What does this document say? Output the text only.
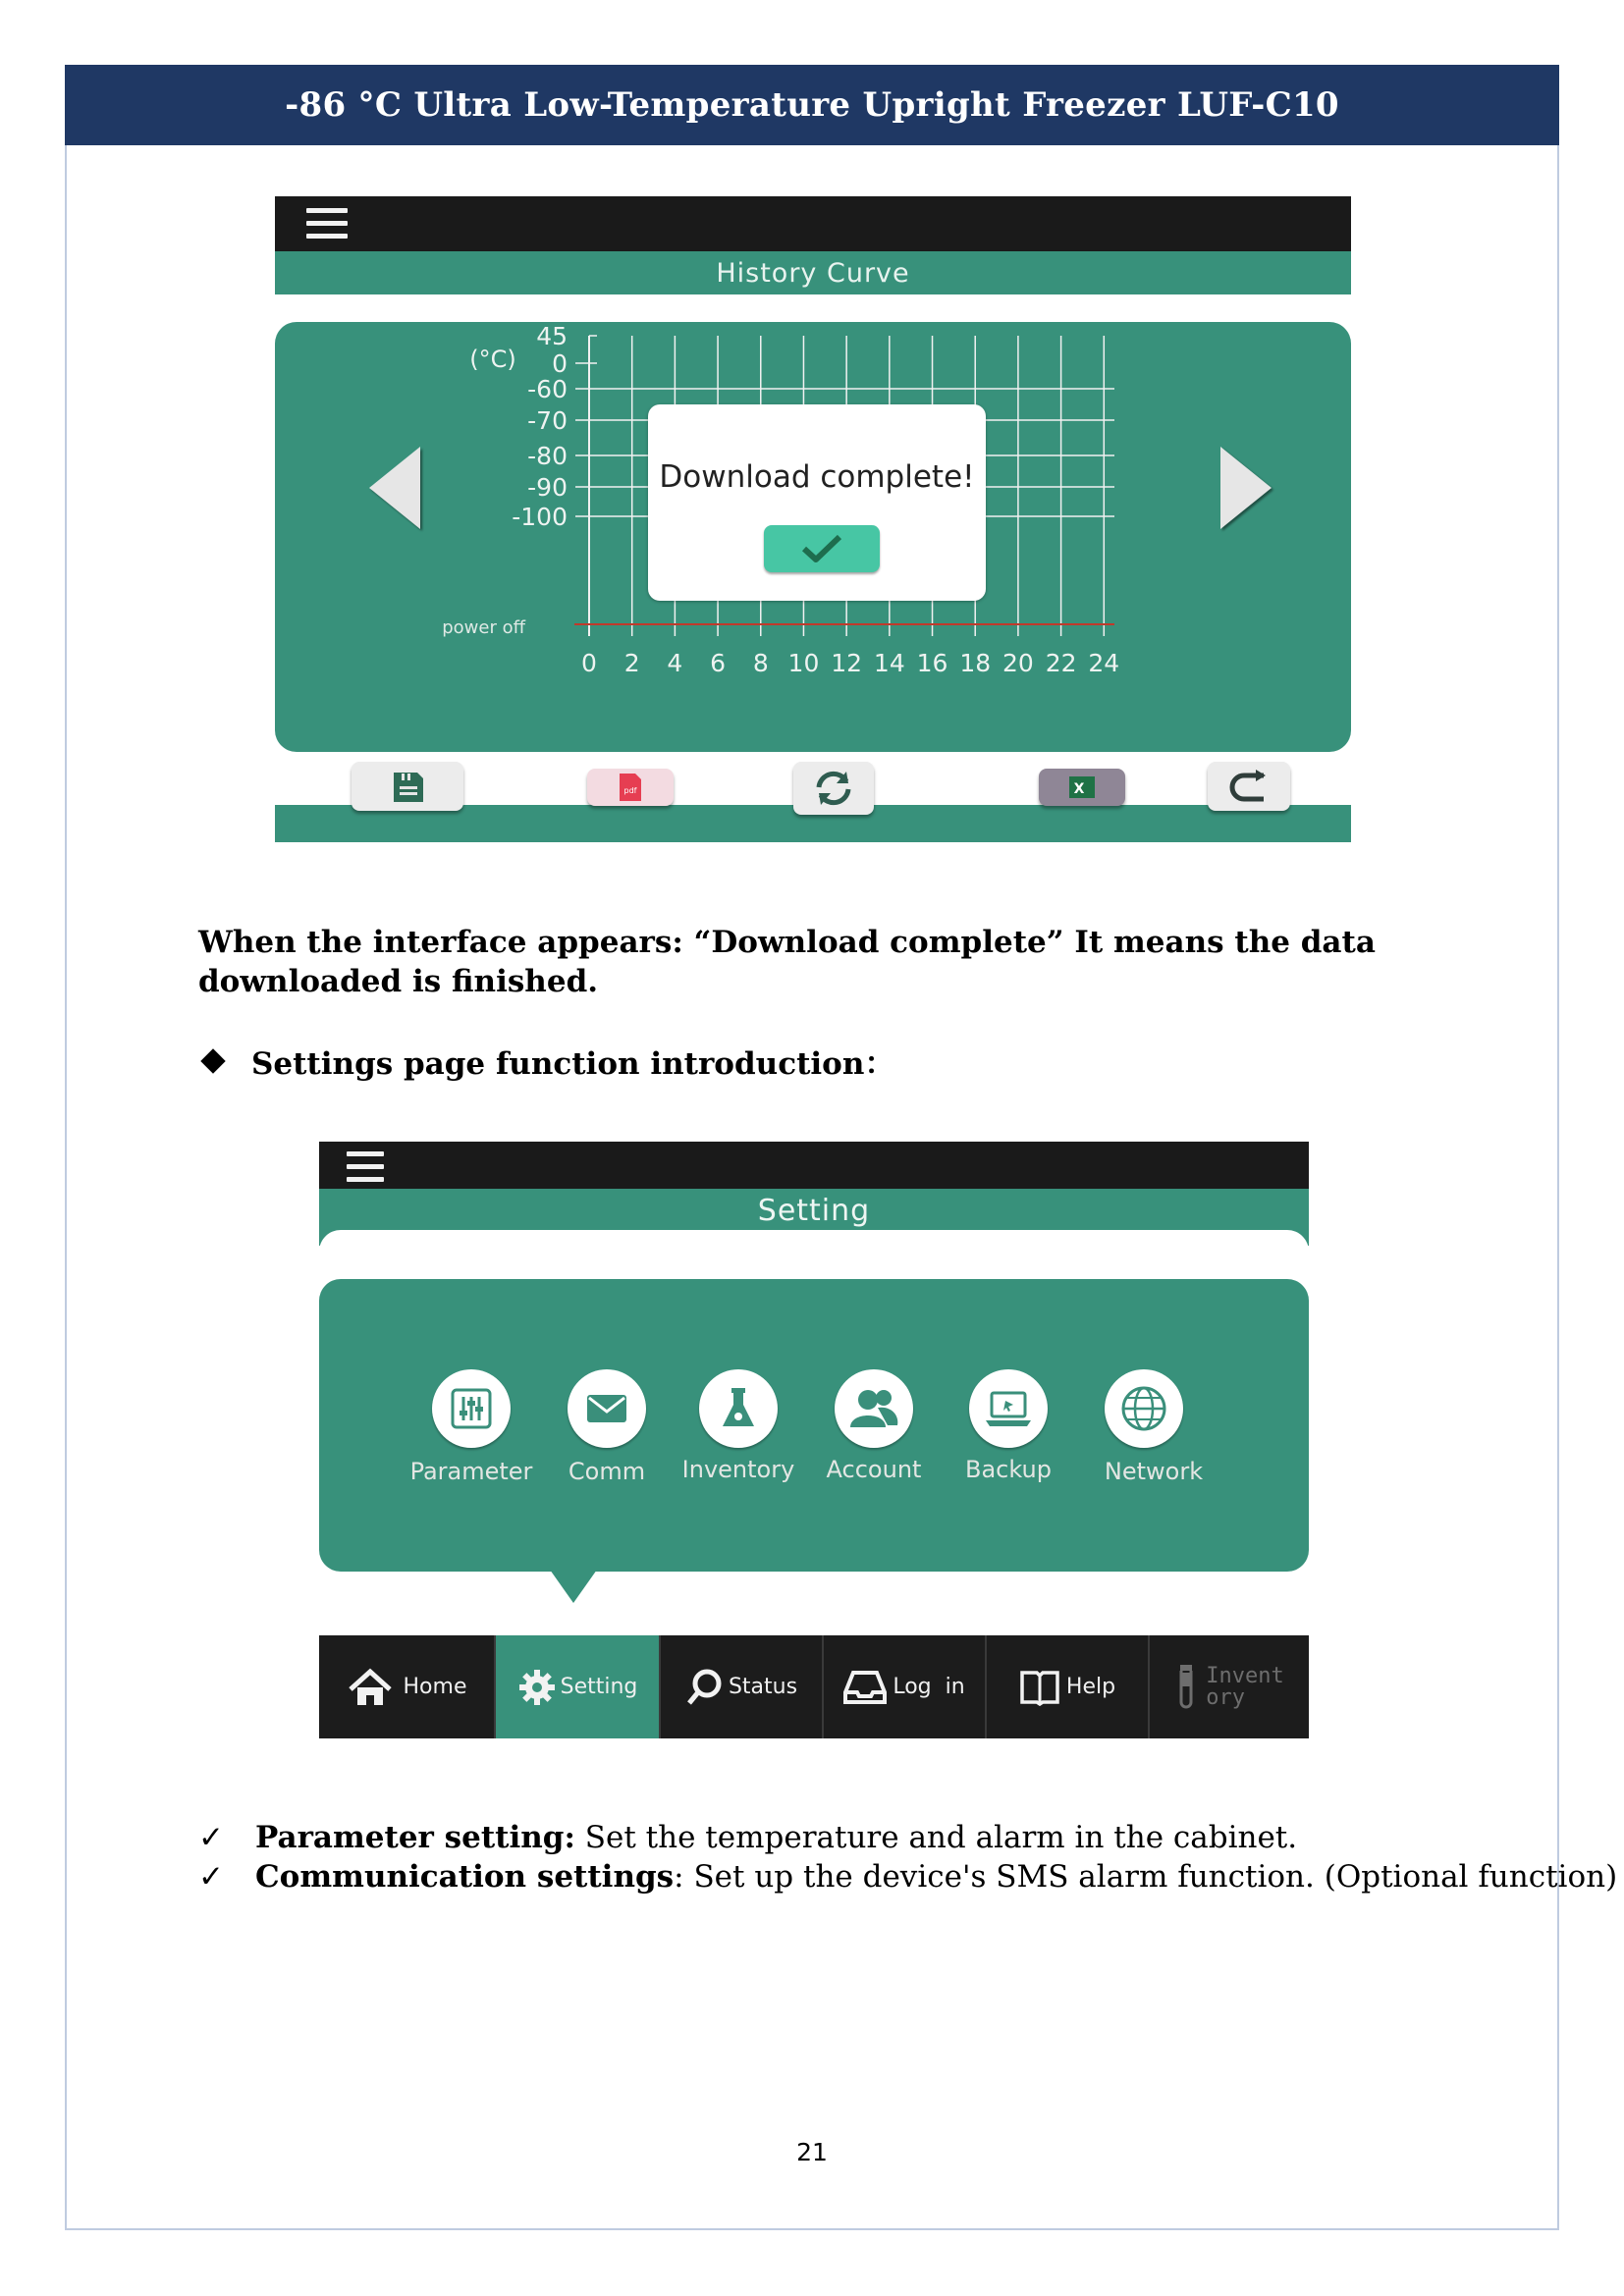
-86 °C Ultra Low-Temperature Upright Freezer LUF-C10
History Curve
45
0
-60
-70
-80
-90
-100
0 2 4 6 8 10 12 14 16 18 20 22 24
(°C)
power off
Download complete!
pdf	X
When the interface appears: “Download complete” It means the data downloaded is finished.
Settings page function introduction：
Setting
Parameter	Comm	Inventory	Account	Backup	Network
Home	Setting	Status	Log  in	Help	Invent
ory
✓	Parameter setting: Set the temperature and alarm in the cabinet.
✓	Communication settings: Set up the device's SMS alarm function. (Optional function)
21
